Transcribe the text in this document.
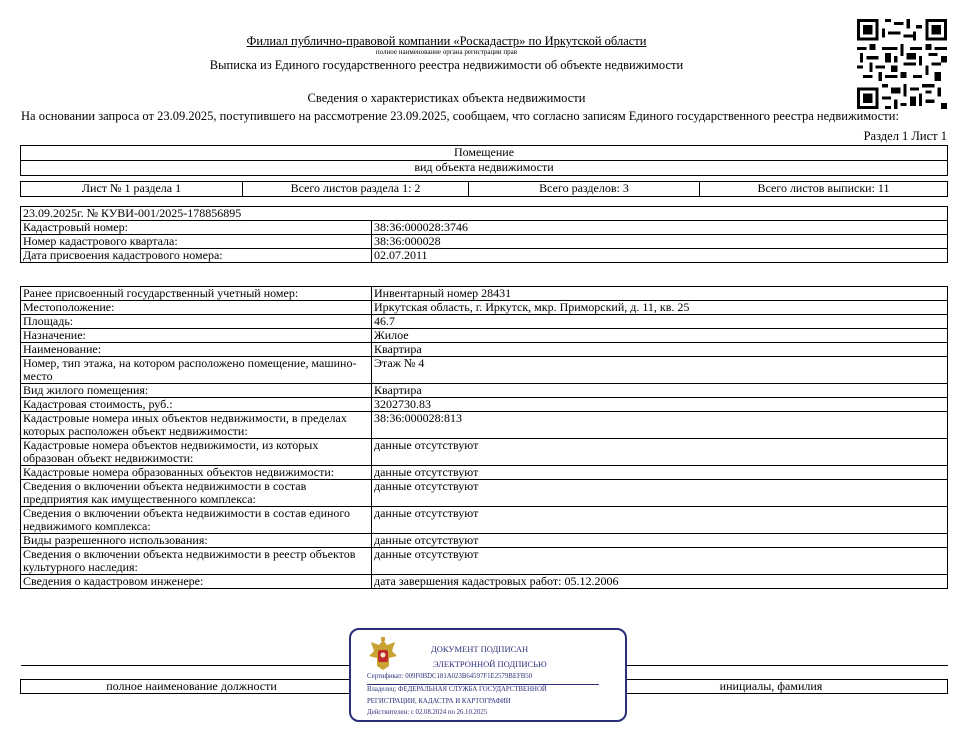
Филиал публично-правовой компании «Роскадастр» по Иркутской области
полное наименование органа регистрации прав
Выписка из Единого государственного реестра недвижимости об объекте недвижимости
Сведения о характеристиках объекта недвижимости
На основании запроса от 23.09.2025, поступившего на рассмотрение 23.09.2025, сообщаем, что согласно записям Единого государственного реестра недвижимости:
Раздел 1 Лист 1
Помещение
вид объекта недвижимости
Лист № 1 раздела 1	Всего листов раздела 1: 2	Всего разделов: 3	Всего листов выписки: 11
23.09.2025г. № КУВИ-001/2025-178856895	
Кадастровый номер:	38:36:000028:3746
Номер кадастрового квартала:	38:36:000028
Дата присвоения кадастрового номера:	02.07.2011
Ранее присвоенный государственный учетный номер:	Инвентарный номер 28431
Местоположение:	Иркутская область, г. Иркутск, мкр. Приморский, д. 11, кв. 25
Площадь:	46.7
Назначение:	Жилое
Наименование:	Квартира
Номер, тип этажа, на котором расположено помещение, машино-место	Этаж № 4
Вид жилого помещения:	Квартира
Кадастровая стоимость, руб.:	3202730.83
Кадастровые номера иных объектов недвижимости, в пределах которых расположен объект недвижимости:	38:36:000028:813
Кадастровые номера объектов недвижимости, из которых образован объект недвижимости:	данные отсутствуют
Кадастровые номера образованных объектов недвижимости:	данные отсутствуют
Сведения о включении объекта недвижимости в состав предприятия как имущественного комплекса:	данные отсутствуют
Сведения о включении объекта недвижимости в состав единого недвижимого комплекса:	данные отсутствуют
Виды разрешенного использования:	данные отсутствуют
Сведения о включении объекта недвижимости в реестр объектов культурного наследия:	данные отсутствуют
Сведения о кадастровом инженере:	дата завершения кадастровых работ: 05.12.2006

полное наименование должности		инициалы, фамилия
ДОКУМЕНТ ПОДПИСАН
ЭЛЕКТРОННОЙ ПОДПИСЬЮ
Сертификат: 009F0BDC181A023B64597F1E2579BEFB50
Владелец: ФЕДЕРАЛЬНАЯ СЛУЖБА ГОСУДАРСТВЕННОЙ
РЕГИСТРАЦИИ, КАДАСТРА И КАРТОГРАФИИ
Действителен: с 02.08.2024 по 26.10.2025
